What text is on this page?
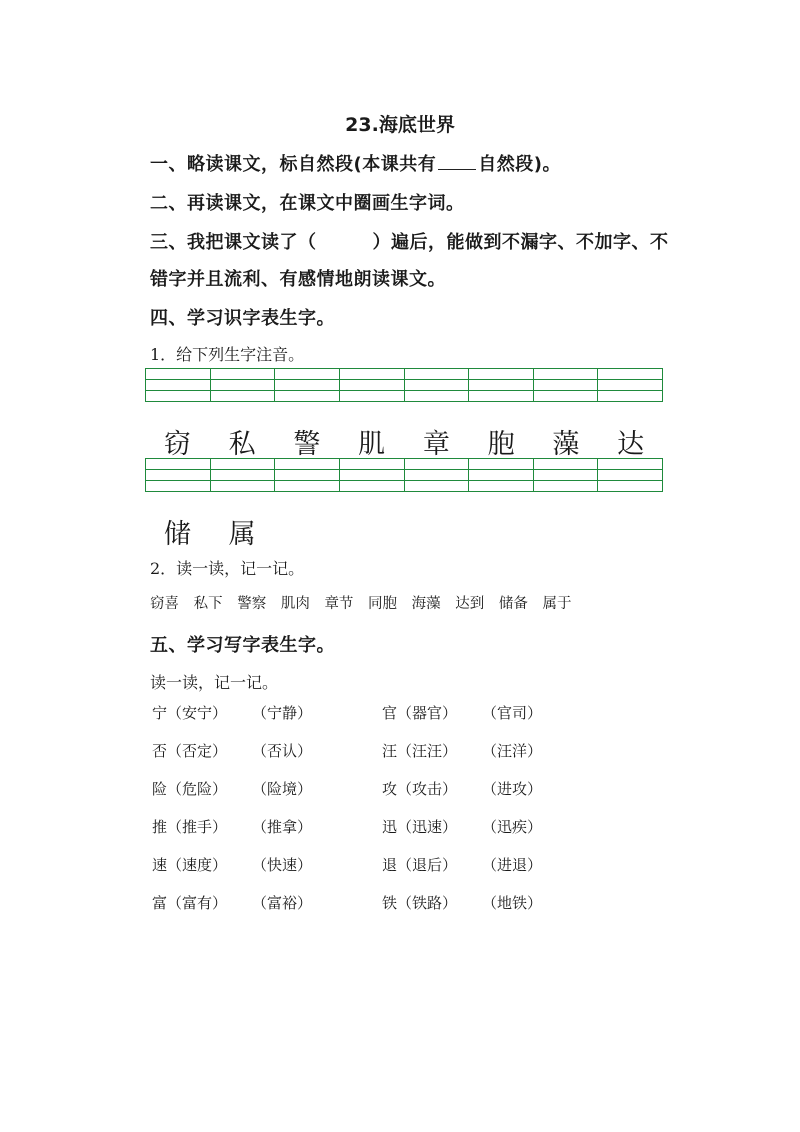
23.海底世界
一、略读课文，标自然段(本课共有 自然段)。
二、再读课文，在课文中圈画生字词。
三、我把课文读了（	）遍后，能做到不漏字、不加字、不
错字并且流利、有感情地朗读课文。
四、学习识字表生字。
1．给下列生字注音。

窃	私	警	肌	章	胞	藻	达

储	属
2．读一读，记一记。
窃喜 私下 警察 肌肉 章节 同胞 海藻 达到 储备 属于
五、学习写字表生字。
读一读，记一记。
宁（安宁） （宁静）	官（器官） （官司）
否（否定） （否认）	汪（汪汪） （汪洋）
险（危险） （险境）	攻（攻击） （进攻）
推（推手） （推拿）	迅（迅速） （迅疾）
速（速度） （快速）	退（退后） （进退）
富（富有） （富裕）	铁（铁路） （地铁）
